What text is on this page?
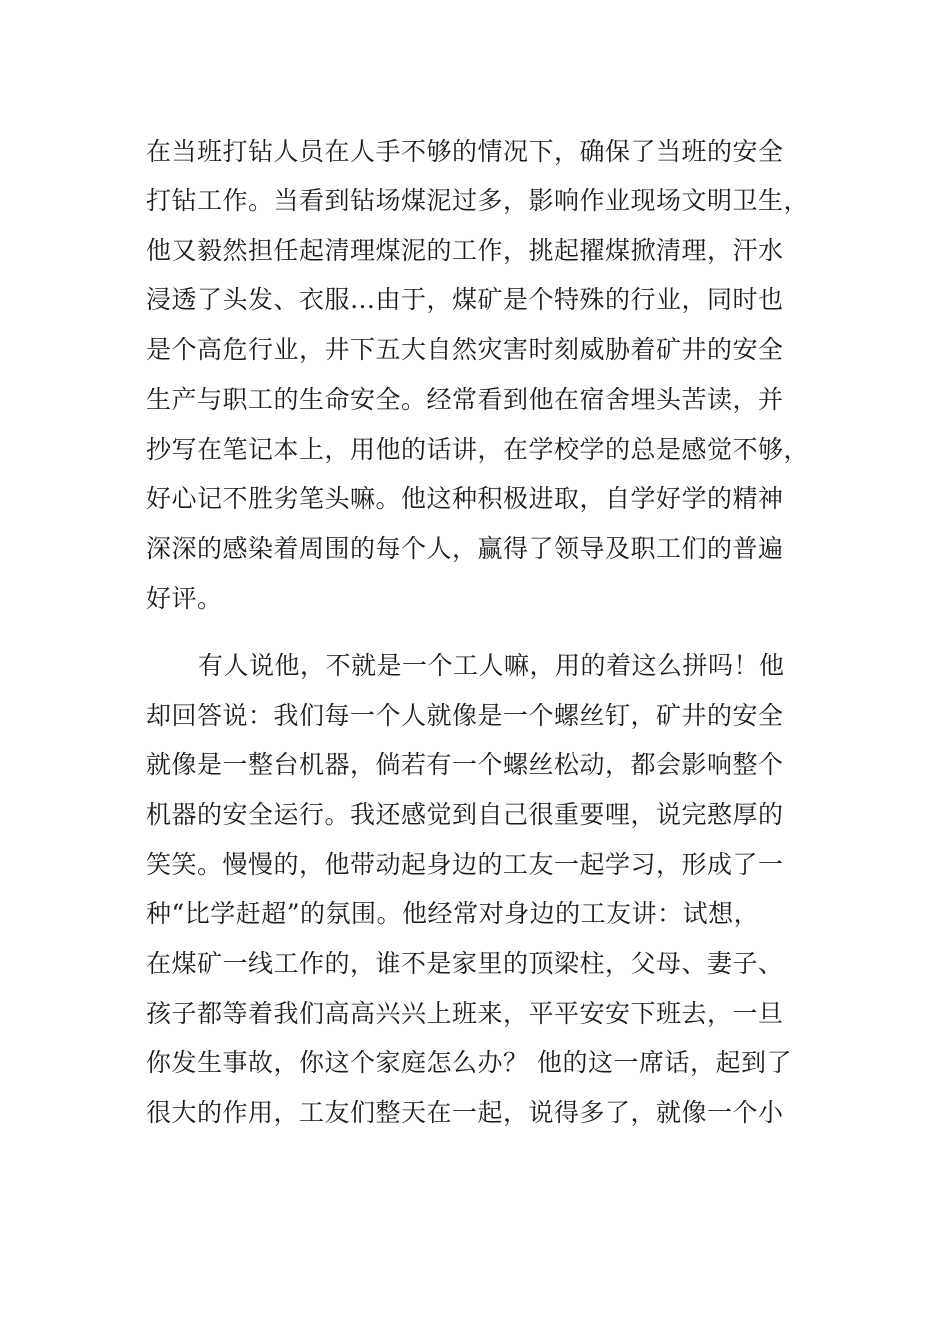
在当班打钻人员在人手不够的情况下，确保了当班的安全
打钻工作。当看到钻场煤泥过多，影响作业现场文明卫生，
他又毅然担任起清理煤泥的工作，挑起擢煤掀清理，汗水
浸透了头发、衣服…由于，煤矿是个特殊的行业，同时也
是个高危行业，井下五大自然灾害时刻威胁着矿井的安全
生产与职工的生命安全。经常看到他在宿舍埋头苦读，并
抄写在笔记本上，用他的话讲，在学校学的总是感觉不够，
好心记不胜劣笔头嘛。他这种积极进取，自学好学的精神
深深的感染着周围的每个人，赢得了领导及职工们的普遍
好评。
有人说他，不就是一个工人嘛，用的着这么拼吗！他
却回答说：我们每一个人就像是一个螺丝钉，矿井的安全
就像是一整台机器，倘若有一个螺丝松动，都会影响整个
机器的安全运行。我还感觉到自己很重要哩，说完憨厚的
笑笑。慢慢的，他带动起身边的工友一起学习，形成了一
种“比学赶超”的氛围。他经常对身边的工友讲：试想，
在煤矿一线工作的，谁不是家里的顶梁柱，父母、妻子、
孩子都等着我们高高兴兴上班来，平平安安下班去，一旦
你发生事故，你这个家庭怎么办？ 他的这一席话，起到了
很大的作用，工友们整天在一起，说得多了，就像一个小
